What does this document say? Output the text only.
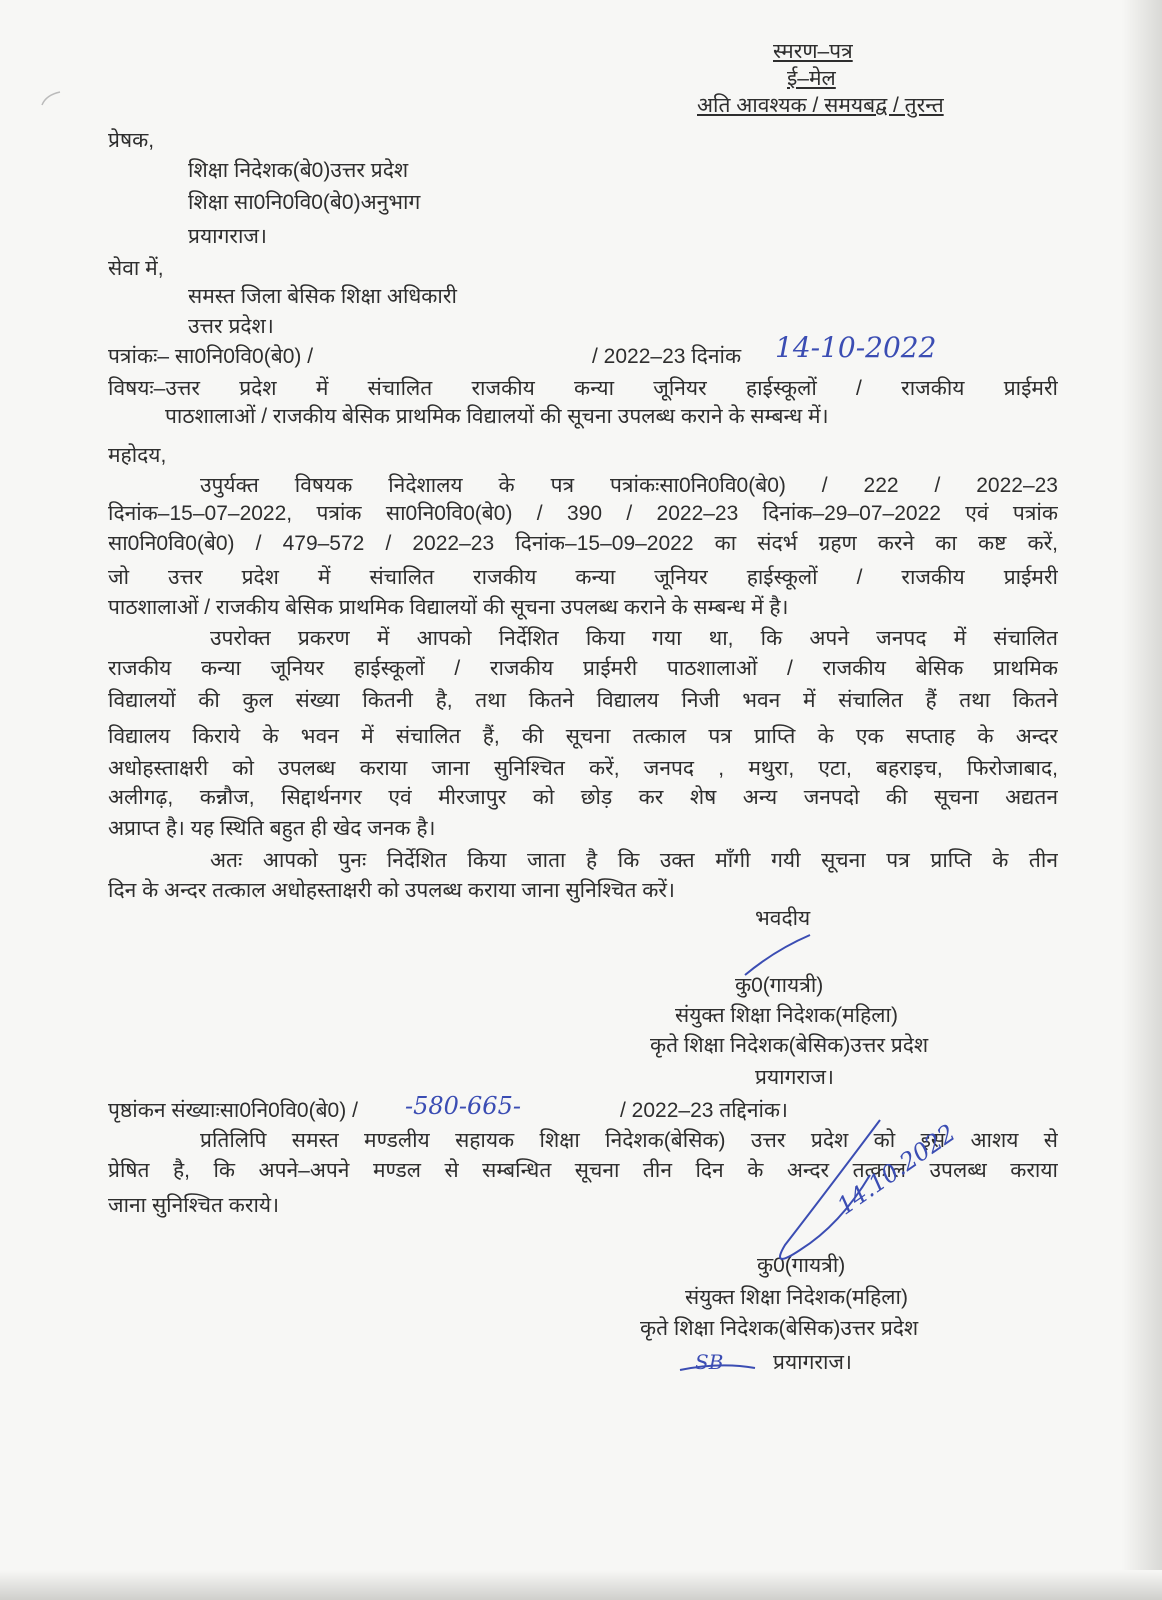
स्मरण–पत्र
ई–मेल
अति आवश्यक / समयबद्व / तुरन्त
प्रेषक,
शिक्षा निदेशक(बे0)उत्तर प्रदेश
शिक्षा सा0नि0वि0(बे0)अनुभाग
प्रयागराज।
सेवा में,
समस्त जिला बेसिक शिक्षा अधिकारी
उत्तर प्रदेश।
पत्रांकः– सा0नि0वि0(बे0) /	/ 2022–23 दिनांक 14-10-2022
विषयः–उत्तर प्रदेश में संचालित राजकीय कन्या जूनियर हाईस्कूलों / राजकीय प्राईमरी
पाठशालाओं / राजकीय बेसिक प्राथमिक विद्यालयों की सूचना उपलब्ध कराने के सम्बन्ध में।
महोदय,
उपुर्यक्त विषयक निदेशालय के पत्र पत्रांकःसा0नि0वि0(बे0) / 222 / 2022–23
दिनांक–15–07–2022, पत्रांक सा0नि0वि0(बे0) / 390 / 2022–23 दिनांक–29–07–2022 एवं पत्रांक
सा0नि0वि0(बे0) / 479–572 / 2022–23 दिनांक–15–09–2022 का संदर्भ ग्रहण करने का कष्ट करें,
जो उत्तर प्रदेश में संचालित राजकीय कन्या जूनियर हाईस्कूलों / राजकीय प्राईमरी
पाठशालाओं / राजकीय बेसिक प्राथमिक विद्यालयों की सूचना उपलब्ध कराने के सम्बन्ध में है।
उपरोक्त प्रकरण में आपको निर्देशित किया गया था, कि अपने जनपद में संचालित
राजकीय कन्या जूनियर हाईस्कूलों / राजकीय प्राईमरी पाठशालाओं / राजकीय बेसिक प्राथमिक
विद्यालयों की कुल संख्या कितनी है, तथा कितने विद्यालय निजी भवन में संचालित हैं तथा कितने
विद्यालय किराये के भवन में संचालित हैं, की सूचना तत्काल पत्र प्राप्ति के एक सप्ताह के अन्दर
अधोहस्ताक्षरी को उपलब्ध कराया जाना सुनिश्चित करें, जनपद , मथुरा, एटा, बहराइच, फिरोजाबाद,
अलीगढ़, कन्नौज, सिद्दार्थनगर एवं मीरजापुर को छोड़ कर शेष अन्य जनपदो की सूचना अद्यतन
अप्राप्त है। यह स्थिति बहुत ही खेद जनक है।
अतः आपको पुनः निर्देशित किया जाता है कि उक्त माँगी गयी सूचना पत्र प्राप्ति के तीन
दिन के अन्दर तत्काल अधोहस्ताक्षरी को उपलब्ध कराया जाना सुनिश्चित करें।
भवदीय
कु0(गायत्री)
संयुक्त शिक्षा निदेशक(महिला)
कृते शिक्षा निदेशक(बेसिक)उत्तर प्रदेश
प्रयागराज।
पृष्ठांकन संख्याःसा0नि0वि0(बे0) / -580-665-	/ 2022–23 तद्दिनांक।
प्रतिलिपि समस्त मण्डलीय सहायक शिक्षा निदेशक(बेसिक) उत्तर प्रदेश को इस आशय से
प्रेषित है, कि अपने–अपने मण्डल से सम्बन्धित सूचना तीन दिन के अन्दर तत्काल उपलब्ध कराया
जाना सुनिश्चित कराये।	14.10.2022
कु0(गायत्री)
संयुक्त शिक्षा निदेशक(महिला)
कृते शिक्षा निदेशक(बेसिक)उत्तर प्रदेश
SB प्रयागराज।
